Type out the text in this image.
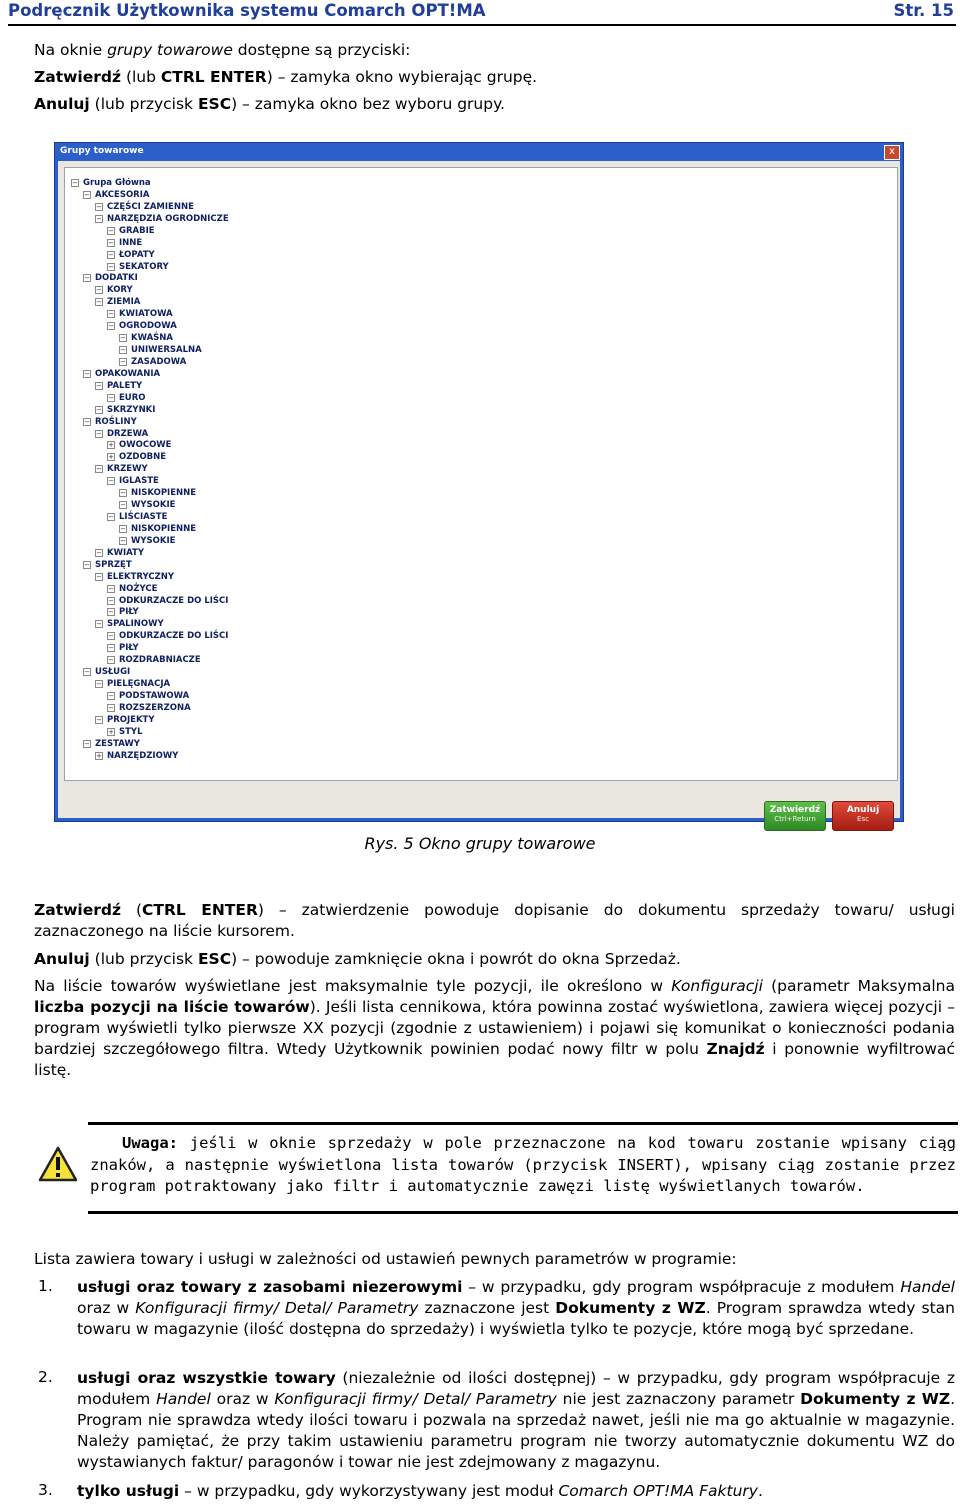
Podręcznik Użytkownika systemu Comarch OPT!MA	Str. 15
Na oknie grupy towarowe dostępne są przyciski:
Zatwierdź (lub CTRL ENTER) – zamyka okno wybierając grupę.
Anuluj (lub przycisk ESC) – zamyka okno bez wyboru grupy.
Grupy towarowe	x
− Grupa Główna
− AKCESORIA
− CZĘŚCI ZAMIENNE
− NARZĘDZIA OGRODNICZE
− GRABIE
− INNE
− ŁOPATY
− SEKATORY
− DODATKI
− KORY
− ZIEMIA
− KWIATOWA
− OGRODOWA
− KWAŚNA
− UNIWERSALNA
− ZASADOWA
− OPAKOWANIA
− PALETY
− EURO
− SKRZYNKI
− ROŚLINY
− DRZEWA
+ OWOCOWE
+ OZDOBNE
− KRZEWY
− IGLASTE
− NISKOPIENNE
− WYSOKIE
− LIŚCIASTE
− NISKOPIENNE
− WYSOKIE
− KWIATY
− SPRZĘT
− ELEKTRYCZNY
− NOŻYCE
− ODKURZACZE DO LIŚCI
− PIŁY
− SPALINOWY
− ODKURZACZE DO LIŚCI
− PIŁY
− ROZDRABNIACZE
− USŁUGI
− PIELĘGNACJA
− PODSTAWOWA
− ROZSZERZONA
− PROJEKTY
+ STYL
− ZESTAWY
+ NARZĘDZIOWY
Zatwierdź
Ctrl+Return
Anuluj
Esc
Rys. 5 Okno grupy towarowe
Zatwierdź (CTRL ENTER) – zatwierdzenie powoduje dopisanie do dokumentu sprzedaży towaru/ usługi zaznaczonego na liście kursorem.
Anuluj (lub przycisk ESC) – powoduje zamknięcie okna i powrót do okna Sprzedaż.
Na liście towarów wyświetlane jest maksymalnie tyle pozycji, ile określono w Konfiguracji (parametr Maksymalna liczba pozycji na liście towarów). Jeśli lista cennikowa, która powinna zostać wyświetlona, zawiera więcej pozycji – program wyświetli tylko pierwsze XX pozycji (zgodnie z ustawieniem) i pojawi się komunikat o konieczności podania bardziej szczegółowego filtra. Wtedy Użytkownik powinien podać nowy filtr w polu Znajdź i ponownie wyfiltrować listę.
Uwaga: jeśli w oknie sprzedaży w pole przeznaczone na kod towaru zostanie wpisany ciąg znaków, a następnie wyświetlona lista towarów (przycisk INSERT), wpisany ciąg zostanie przez program potraktowany jako filtr i automatycznie zawęzi listę wyświetlanych towarów.
Lista zawiera towary i usługi w zależności od ustawień pewnych parametrów w programie:
1. usługi oraz towary z zasobami niezerowymi – w przypadku, gdy program współpracuje z modułem Handel oraz w Konfiguracji firmy/ Detal/ Parametry zaznaczone jest Dokumenty z WZ. Program sprawdza wtedy stan towaru w magazynie (ilość dostępna do sprzedaży) i wyświetla tylko te pozycje, które mogą być sprzedane.
2. usługi oraz wszystkie towary (niezależnie od ilości dostępnej) – w przypadku, gdy program współpracuje z modułem Handel oraz w Konfiguracji firmy/ Detal/ Parametry nie jest zaznaczony parametr Dokumenty z WZ. Program nie sprawdza wtedy ilości towaru i pozwala na sprzedaż nawet, jeśli nie ma go aktualnie w magazynie. Należy pamiętać, że przy takim ustawieniu parametru program nie tworzy automatycznie dokumentu WZ do wystawianych faktur/ paragonów i towar nie jest zdejmowany z magazynu.
3. tylko usługi – w przypadku, gdy wykorzystywany jest moduł Comarch OPT!MA Faktury.
